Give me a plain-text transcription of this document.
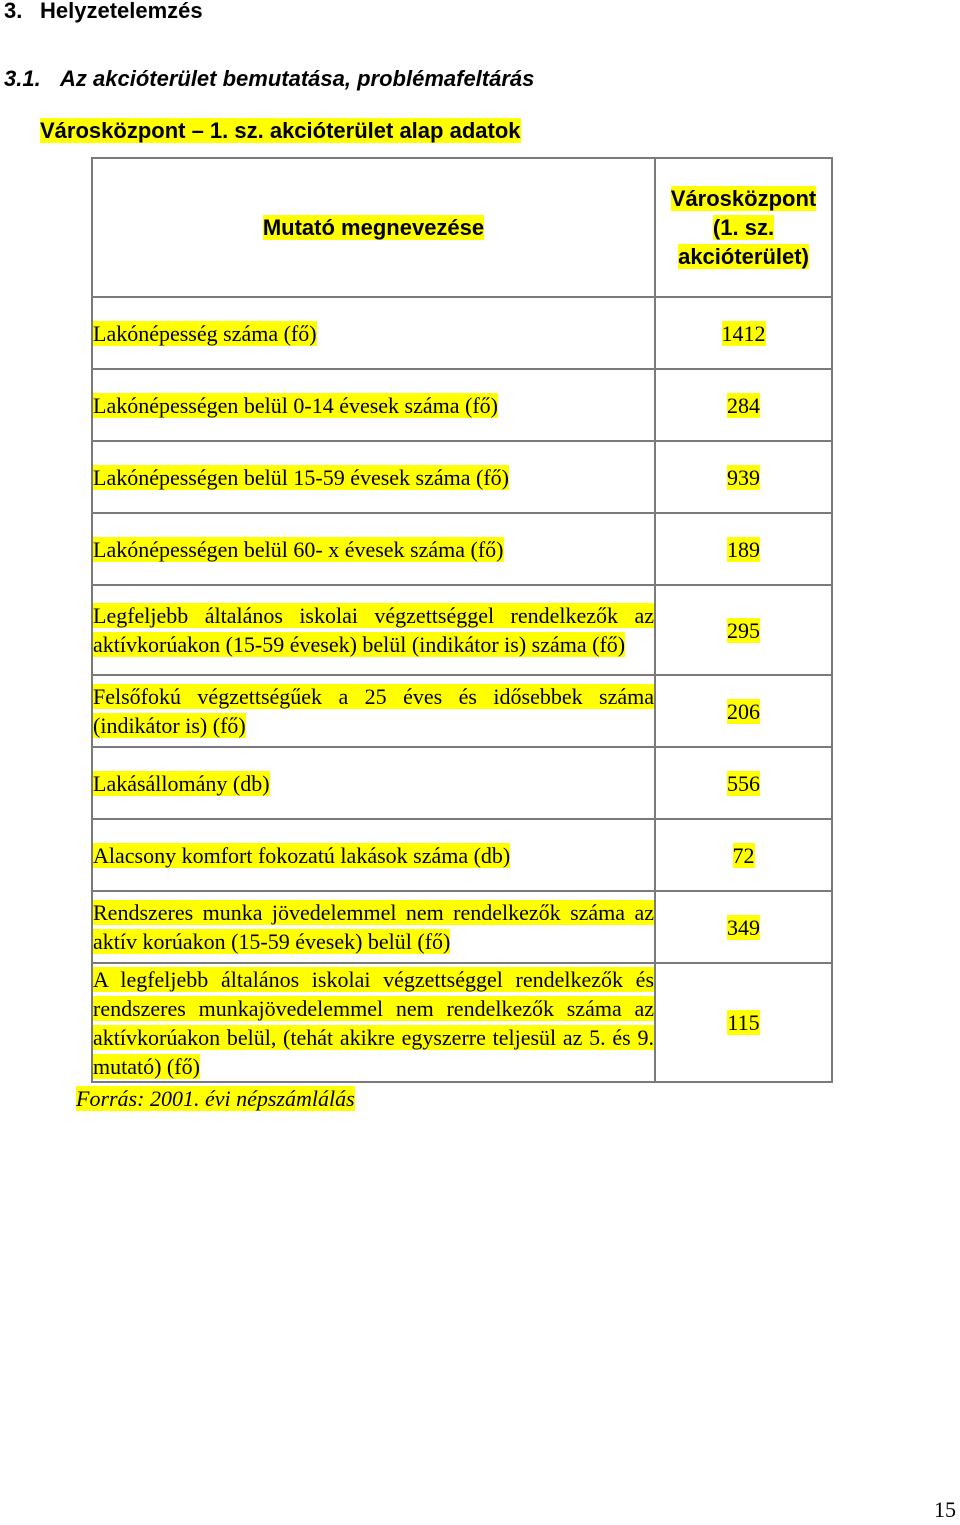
3. Helyzetelemzés
3.1. Az akcióterület bemutatása, problémafeltárás
Városközpont – 1. sz. akcióterület alap adatok
Mutató megnevezése	Városközpont (1. sz. akcióterület)
Lakónépesség száma (fő)	1412
Lakónépességen belül 0-14 évesek száma (fő)	284
Lakónépességen belül 15-59 évesek száma (fő)	939
Lakónépességen belül 60- x évesek száma (fő)	189
Legfeljebb általános iskolai végzettséggel rendelkezők az aktívkorúakon (15-59 évesek) belül (indikátor is) száma (fő)	295
Felsőfokú végzettségűek a 25 éves és idősebbek száma (indikátor is) (fő)	206
Lakásállomány (db)	556
Alacsony komfort fokozatú lakások száma (db)	72
Rendszeres munka jövedelemmel nem rendelkezők száma az aktív korúakon (15-59 évesek) belül (fő)	349
A legfeljebb általános iskolai végzettséggel rendelkezők és rendszeres munkajövedelemmel nem rendelkezők száma az aktívkorúakon belül, (tehát akikre egyszerre teljesül az 5. és 9. mutató) (fő)	115
Forrás: 2001. évi népszámlálás
15
